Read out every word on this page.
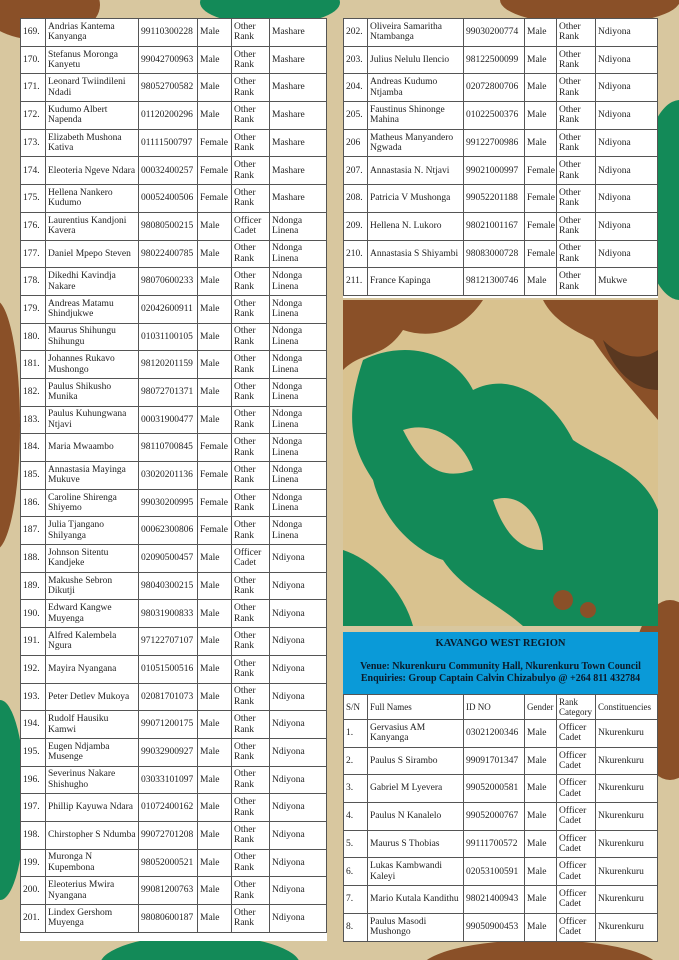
169.	Andrias Kantema Kanyanga	99110300228	Male	Other Rank	Mashare
170.	Stefanus Moronga Kanyetu	99042700963	Male	Other Rank	Mashare
171.	Leonard Twiindileni Ndadi	98052700582	Male	Other Rank	Mashare
172.	Kudumo Albert Napenda	01120200296	Male	Other Rank	Mashare
173.	Elizabeth Mushona Kativa	01111500797	Female	Other Rank	Mashare
174.	Eleoteria Ngeve Ndara	00032400257	Female	Other Rank	Mashare
175.	Hellena Nankero Kudumo	00052400506	Female	Other Rank	Mashare
176.	Laurentius Kandjoni Kavera	98080500215	Male	Officer Cadet	Ndonga Linena
177.	Daniel Mpepo Steven	98022400785	Male	Other Rank	Ndonga Linena
178.	Dikedhi Kavindja Nakare	98070600233	Male	Other Rank	Ndonga Linena
179.	Andreas Matamu Shindjukwe	02042600911	Male	Other Rank	Ndonga Linena
180.	Maurus Shihungu Shihungu	01031100105	Male	Other Rank	Ndonga Linena
181.	Johannes Rukavo Mushongo	98120201159	Male	Other Rank	Ndonga Linena
182.	Paulus Shikusho Munika	98072701371	Male	Other Rank	Ndonga Linena
183.	Paulus Kuhungwana Ntjavi	00031900477	Male	Other Rank	Ndonga Linena
184.	Maria Mwaambo	98110700845	Female	Other Rank	Ndonga Linena
185.	Annastasia Mayinga Mukuve	03020201136	Female	Other Rank	Ndonga Linena
186.	Caroline Shirenga Shiyemo	99030200995	Female	Other Rank	Ndonga Linena
187.	Julia Tjangano Shilyanga	00062300806	Female	Other Rank	Ndonga Linena
188.	Johnson Sitentu Kandjeke	02090500457	Male	Officer Cadet	Ndiyona
189.	Makushe Sebron Dikutji	98040300215	Male	Other Rank	Ndiyona
190.	Edward Kangwe Muyenga	98031900833	Male	Other Rank	Ndiyona
191.	Alfred Kalembela Ngura	97122707107	Male	Other Rank	Ndiyona
192.	Mayira Nyangana	01051500516	Male	Other Rank	Ndiyona
193.	Peter Detlev Mukoya	02081701073	Male	Other Rank	Ndiyona
194.	Rudolf Hausiku Kamwi	99071200175	Male	Other Rank	Ndiyona
195.	Eugen Ndjamba Musenge	99032900927	Male	Other Rank	Ndiyona
196.	Severinus Nakare Shishugho	03033101097	Male	Other Rank	Ndiyona
197.	Phillip Kayuwa Ndara	01072400162	Male	Other Rank	Ndiyona
198.	Chirstopher S Ndumba	99072701208	Male	Other Rank	Ndiyona
199.	Muronga N Kupembona	98052000521	Male	Other Rank	Ndiyona
200.	Eleoterius Mwira Nyangana	99081200763	Male	Other Rank	Ndiyona
201.	Lindex Gershom Muyenga	98080600187	Male	Other Rank	Ndiyona
202.	Oliveira Samaritha Ntambanga	99030200774	Male	Other Rank	Ndiyona
203.	Julius Nelulu Ilencio	98122500099	Male	Other Rank	Ndiyona
204.	Andreas Kudumo Ntjamba	02072800706	Male	Other Rank	Ndiyona
205.	Faustinus Shinonge Mahina	01022500376	Male	Other Rank	Ndiyona
206	Matheus Manyandero Ngwada	99122700986	Male	Other Rank	Ndiyona
207.	Annastasia N. Ntjavi	99021000997	Female	Other Rank	Ndiyona
208.	Patricia V Mushonga	99052201188	Female	Other Rank	Ndiyona
209.	Hellena N. Lukoro	98021001167	Female	Other Rank	Ndiyona
210.	Annastasia S Shiyambi	98083000728	Female	Other Rank	Ndiyona
211.	France Kapinga	98121300746	Male	Other Rank	Mukwe
KAVANGO WEST REGION
Venue: Nkurenkuru Community Hall, Nkurenkuru Town Council
Enquiries: Group Captain Calvin Chizabulyo @ +264 811 432784
S/N	Full Names	ID NO	Gender	Rank Category	Constituencies
1.	Gervasius AM Kanyanga	03021200346	Male	Officer Cadet	Nkurenkuru
2.	Paulus S Sirambo	99091701347	Male	Officer Cadet	Nkurenkuru
3.	Gabriel M Lyevera	99052000581	Male	Officer Cadet	Nkurenkuru
4.	Paulus N Kanalelo	99052000767	Male	Officer Cadet	Nkurenkuru
5.	Maurus S Thobias	99111700572	Male	Officer Cadet	Nkurenkuru
6.	Lukas Kambwandi Kaleyi	02053100591	Male	Officer Cadet	Nkurenkuru
7.	Mario Kutala Kandithu	98021400943	Male	Officer Cadet	Nkurenkuru
8.	Paulus Masodi Mushongo	99050900453	Male	Officer Cadet	Nkurenkuru
